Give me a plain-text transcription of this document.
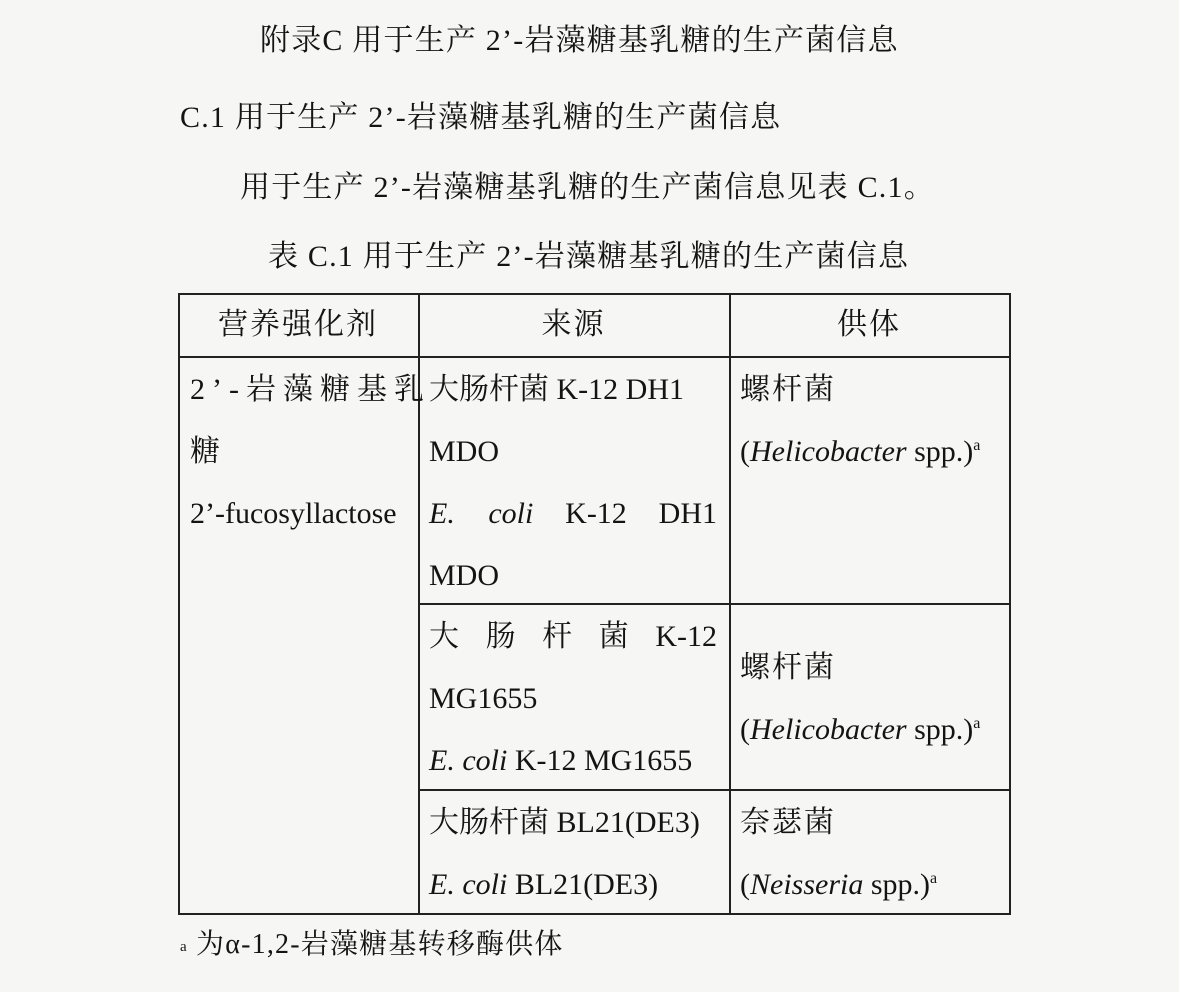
附录C 用于生产 2’-岩藻糖基乳糖的生产菌信息
C.1 用于生产 2’-岩藻糖基乳糖的生产菌信息
用于生产 2’-岩藻糖基乳糖的生产菌信息见表 C.1。
表 C.1 用于生产 2’-岩藻糖基乳糖的生产菌信息
营养强化剂	来源	供体
2’-岩藻糖基乳
糖
2’-fucosyllactose
大肠杆菌 K-12 DH1
MDO
E. coli K-12 DH1
MDO
螺杆菌
(Helicobacter spp.)$^a$
大 肠 杆 菌 K-12
MG1655
E. coli K-12 MG1655
螺杆菌
(Helicobacter spp.)$^a$
大肠杆菌 BL21(DE3)
E. coli BL21(DE3)
奈瑟菌
(Neisseria spp.)$^a$
$^a$ 为α-1,2-岩藻糖基转移酶供体
